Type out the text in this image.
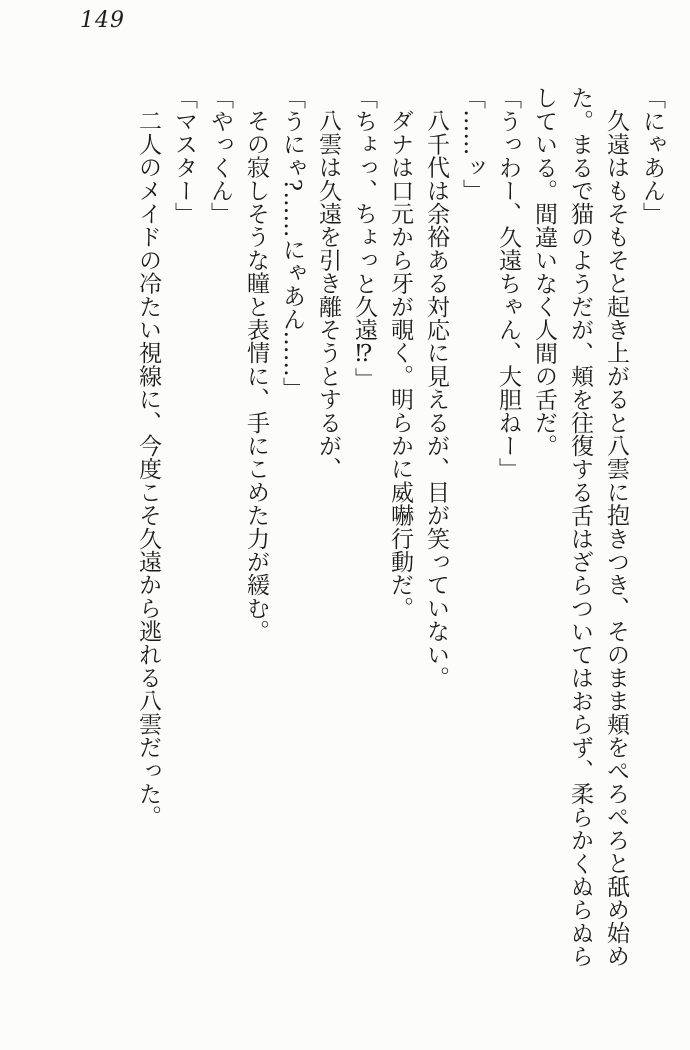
149

「にゃあん」

久遠はもそもそと起き上がると八雲に抱きつき、そのまま頬をぺろぺろと舐め始め

た。まるで猫のようだが、頬を往復する舌はざらついてはおらず、柔らかくぬらぬら

している。間違いなく人間の舌だ。

「うっわー、久遠ちゃん、大胆ねー」

「……ッ」

八千代は余裕ある対応に見えるが、目が笑っていない。

ダナは口元から牙が覗く。明らかに威嚇行動だ。

「ちょっ、ちょっと久遠⁉」

八雲は久遠を引き離そうとするが、

「うにゃ?……にゃあん……」

その寂しそうな瞳と表情に、手にこめた力が緩む。

「やっくん」

「マスター」

二人のメイドの冷たい視線に、今度こそ久遠から逃れる八雲だった。
